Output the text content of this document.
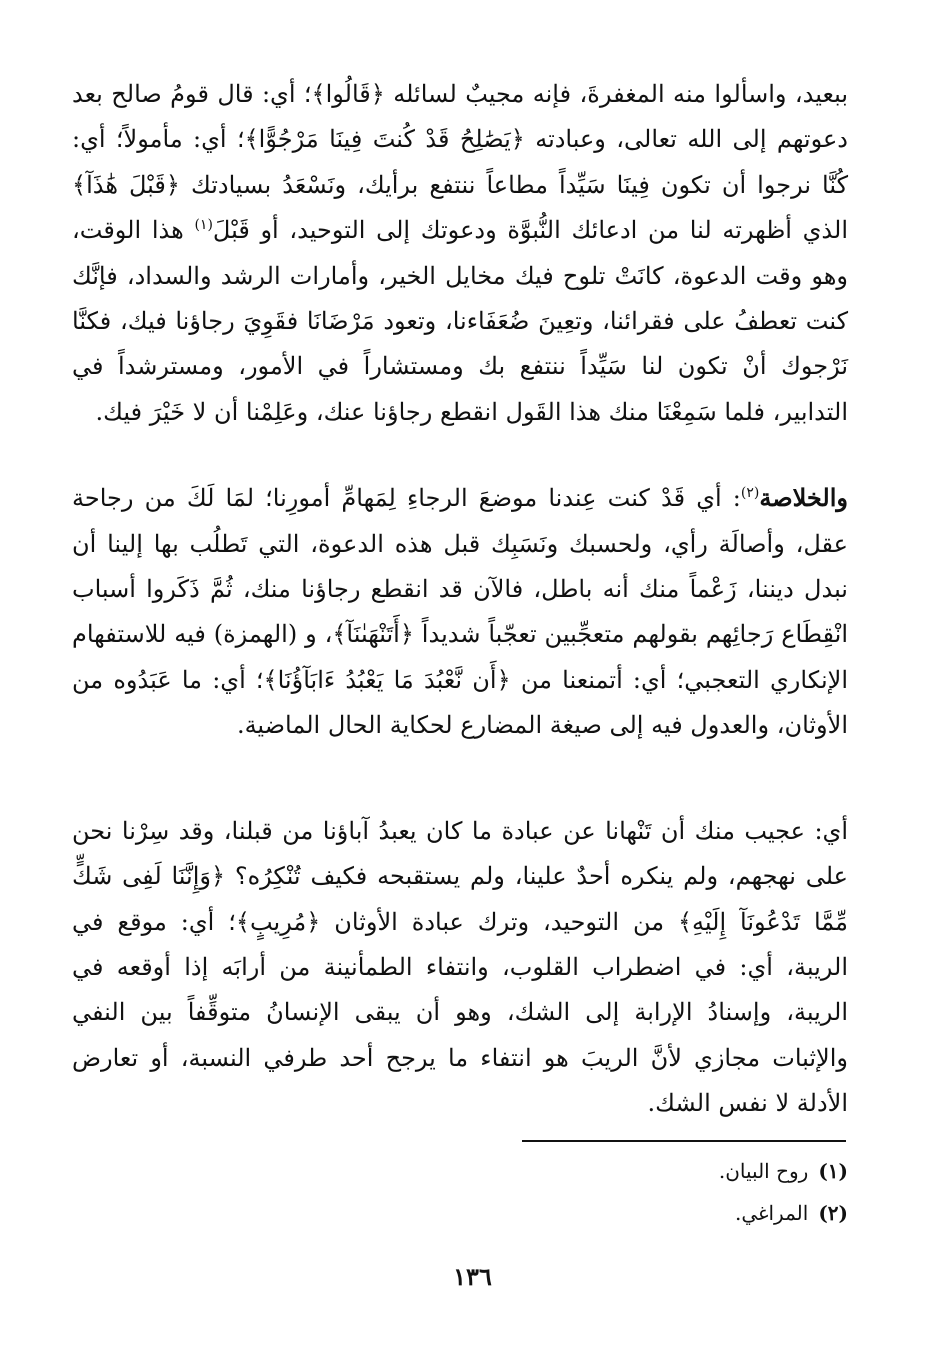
ببعيد، واسألوا منه المغفرةَ، فإنه مجيبٌ لسائله ﴿قَالُوا﴾؛ أي: قال قومُ صالح بعد دعوتهم إلى الله تعالى، وعبادته ﴿يَصَٰلِحُ قَدْ كُنتَ فِينَا مَرْجُوًّا﴾؛ أي: مأمولاً؛ أي: كُنَّا نرجوا أن تكون فِينَا سَيِّداً مطاعاً ننتفع برأيك، ونَسْعَدُ بسيادتك ﴿قَبْلَ هَٰذَآ﴾ الذي أظهرته لنا من ادعائك النُّبوَّة ودعوتك إلى التوحيد، أو قَبْلَ$^{(١)}$ هذا الوقت، وهو وقت الدعوة، كانَتْ تلوح فيك مخايل الخير، وأمارات الرشد والسداد، فإنَّك كنت تعطفُ على فقرائنا، وتعِينَ ضُعَفَاءنا، وتعود مَرْضَانَا فقَوِيَ رجاؤنا فيك، فكنَّا نَرْجوك أنْ تكون لنا سَيِّداً ننتفع بك ومستشاراً في الأمور، ومسترشداً في التدابير، فلما سَمِعْنَا منك هذا القَول انقطع رجاؤنا عنك، وعَلِمْنا أن لا خَيْرَ فيك.

والخلاصة$^{(٢)}$: أي قَدْ كنت عِندنا موضعَ الرجاءِ لِمَهامِّ أمورِنا؛ لمَا لَكَ من رجاحة عقل، وأصالَة رأي، ولحسبك ونَسَبِك قبل هذه الدعوة، التي تَطلُب بها إلينا أن نبدل ديننا، زَعْماً منك أنه باطل، فالآن قد انقطع رجاؤنا منك، ثُمَّ ذَكَروا أسباب انْقِطَاع رَجائِهم بقولهم متعجِّبين تعجّباً شديداً ﴿أَتَنْهَىٰنَآ﴾، و (الهمزة) فيه للاستفهام الإنكاري التعجبي؛ أي: أتمنعنا من ﴿أَن نَّعْبُدَ مَا يَعْبُدُ ءَابَآؤُنَا﴾؛ أي: ما عَبَدُوه من الأوثان، والعدول فيه إلى صيغة المضارع لحكاية الحال الماضية.

أي: عجيب منك أن تَنْهانا عن عبادة ما كان يعبدُ آباؤنا من قبلنا، وقد سِرْنا نحن على نهجهم، ولم ينكره أحدٌ علينا، ولم يستقبحه فكيف تُنْكِرُه؟ ﴿وَإِنَّنَا لَفِى شَكٍّ مِّمَّا تَدْعُونَآ إِلَيْهِ﴾ من التوحيد، وترك عبادة الأوثان ﴿مُرِيبٍ﴾؛ أي: موقع في الريبة، أي: في اضطراب القلوب، وانتفاء الطمأنينة من أرابَه إذا أوقعه في الريبة، وإسنادُ الإرابة إلى الشك، وهو أن يبقى الإنسانُ متوقِّفاً بين النفي والإثبات مجازي لأنَّ الريبَ هو انتفاء ما يرجح أحد طرفي النسبة، أو تعارض الأدلة لا نفس الشك.

(١)روح البيان.

(٢)المراغي.

١٣٦
